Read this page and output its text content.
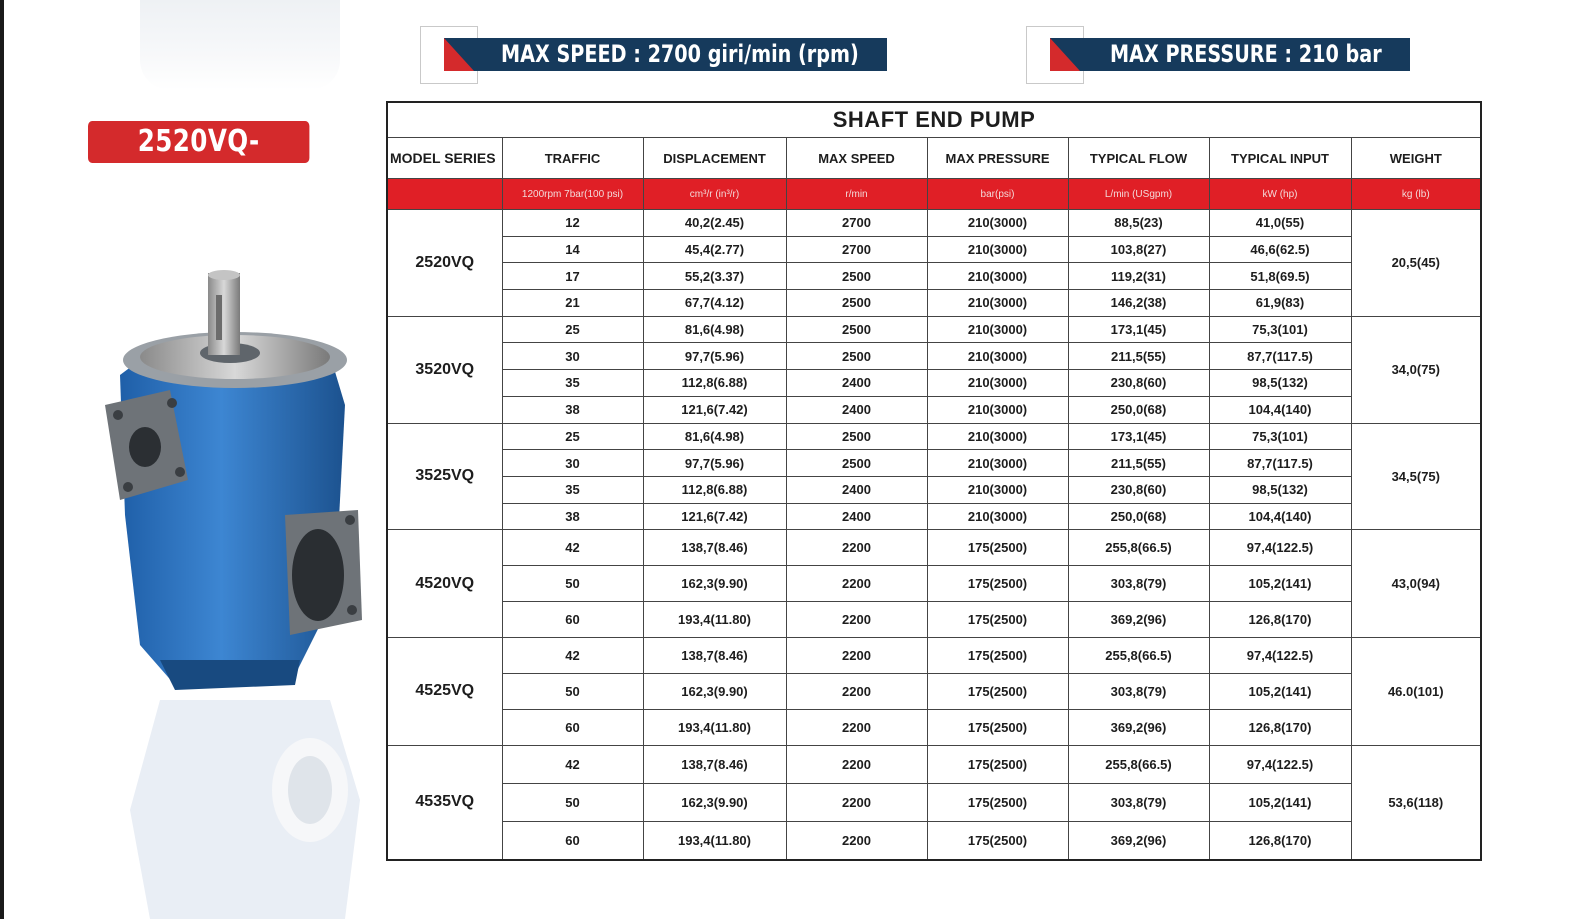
2520VQ-4535VQ
MAX SPEED : 2700 giri/min (rpm)	MAX PRESSURE : 210 bar
SHAFT END PUMP							
MODEL SERIES	TRAFFIC	DISPLACEMENT	MAX SPEED	MAX PRESSURE	TYPICAL FLOW	TYPICAL INPUT	WEIGHT
	1200rpm 7bar(100 psi)	cm³/r (in³/r)	r/min	bar(psi)	L/min (USgpm)	kW (hp)	kg (lb)
2520VQ	12	40,2(2.45)	2700	210(3000)	88,5(23)	41,0(55)	20,5(45)
	14	45,4(2.77)	2700	210(3000)	103,8(27)	46,6(62.5)	
	17	55,2(3.37)	2500	210(3000)	119,2(31)	51,8(69.5)	
	21	67,7(4.12)	2500	210(3000)	146,2(38)	61,9(83)	
3520VQ	25	81,6(4.98)	2500	210(3000)	173,1(45)	75,3(101)	34,0(75)
	30	97,7(5.96)	2500	210(3000)	211,5(55)	87,7(117.5)	
	35	112,8(6.88)	2400	210(3000)	230,8(60)	98,5(132)	
	38	121,6(7.42)	2400	210(3000)	250,0(68)	104,4(140)	
3525VQ	25	81,6(4.98)	2500	210(3000)	173,1(45)	75,3(101)	34,5(75)
	30	97,7(5.96)	2500	210(3000)	211,5(55)	87,7(117.5)	
	35	112,8(6.88)	2400	210(3000)	230,8(60)	98,5(132)	
	38	121,6(7.42)	2400	210(3000)	250,0(68)	104,4(140)	
4520VQ	42	138,7(8.46)	2200	175(2500)	255,8(66.5)	97,4(122.5)	43,0(94)
	50	162,3(9.90)	2200	175(2500)	303,8(79)	105,2(141)	
	60	193,4(11.80)	2200	175(2500)	369,2(96)	126,8(170)	
4525VQ	42	138,7(8.46)	2200	175(2500)	255,8(66.5)	97,4(122.5)	46.0(101)
	50	162,3(9.90)	2200	175(2500)	303,8(79)	105,2(141)	
	60	193,4(11.80)	2200	175(2500)	369,2(96)	126,8(170)	
4535VQ	42	138,7(8.46)	2200	175(2500)	255,8(66.5)	97,4(122.5)	53,6(118)
	50	162,3(9.90)	2200	175(2500)	303,8(79)	105,2(141)	
	60	193,4(11.80)	2200	175(2500)	369,2(96)	126,8(170)	
